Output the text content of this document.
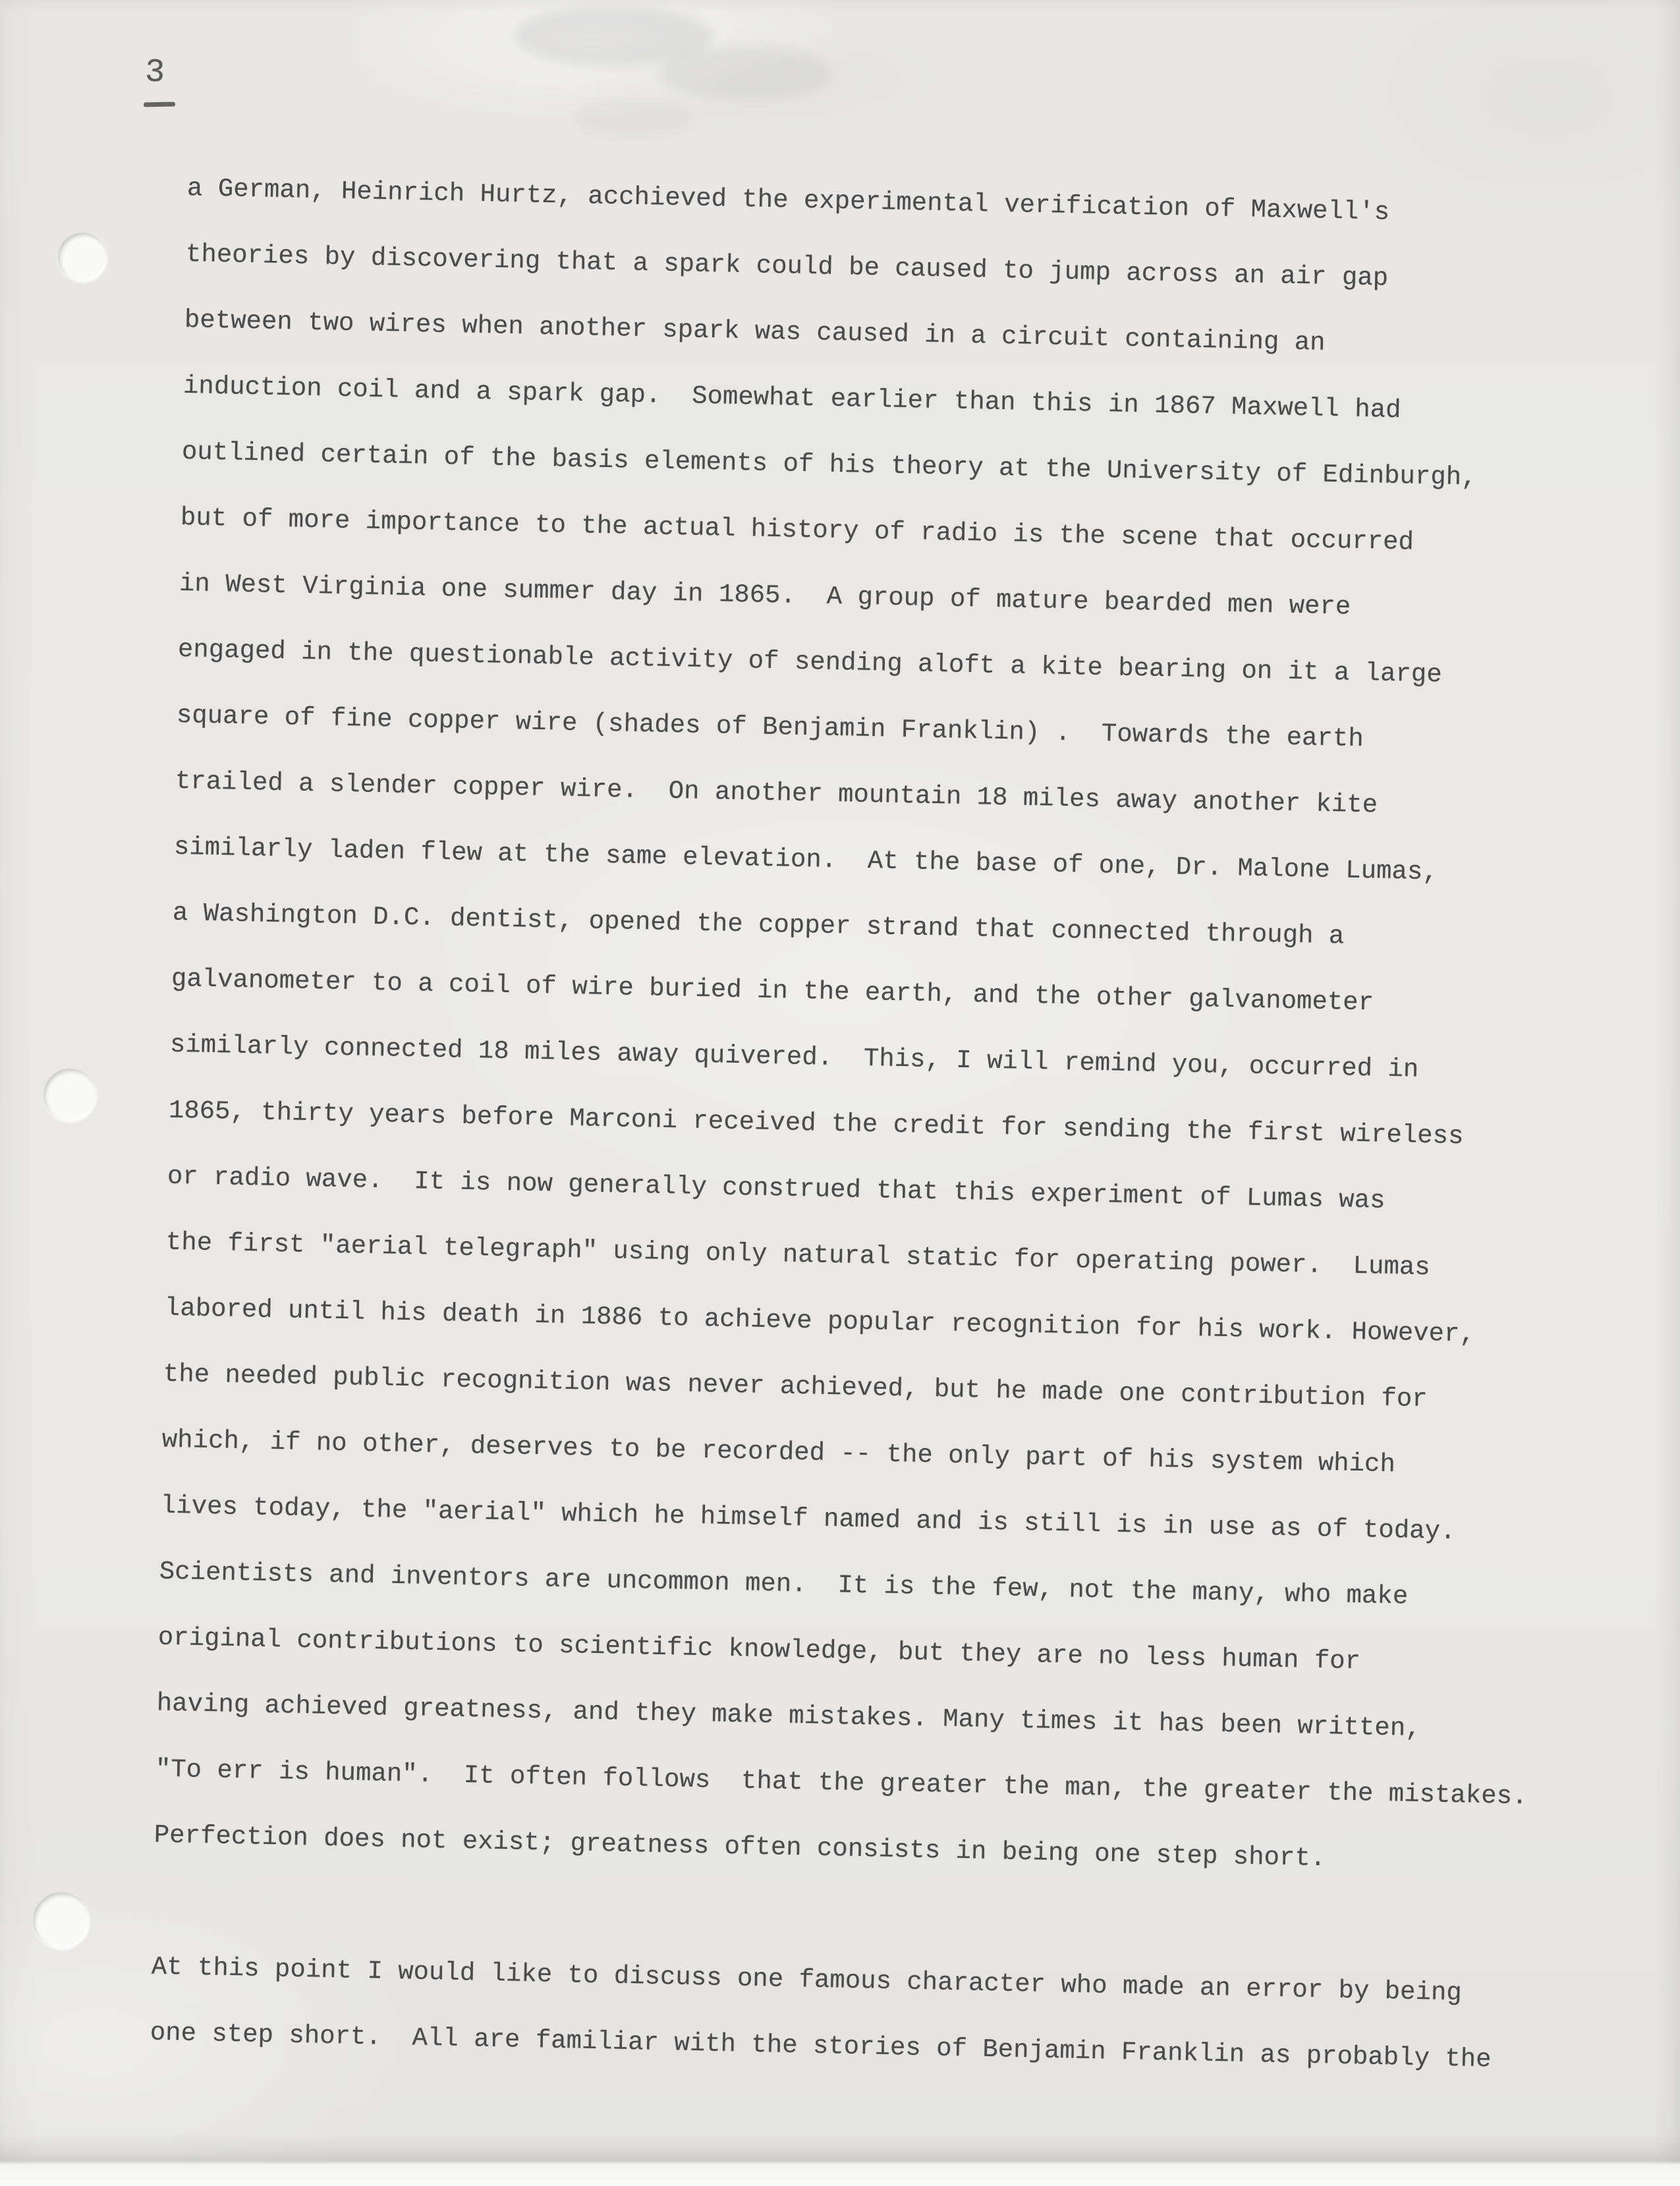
3
a German, Heinrich Hurtz, acchieved the experimental verification of Maxwell's
theories by discovering that a spark could be caused to jump across an air gap
between two wires when another spark was caused in a circuit containing an
induction coil and a spark gap.  Somewhat earlier than this in 1867 Maxwell had
outlined certain of the basis elements of his theory at the University of Edinburgh,
but of more importance to the actual history of radio is the scene that occurred
in West Virginia one summer day in 1865.  A group of mature bearded men were
engaged in the questionable activity of sending aloft a kite bearing on it a large
square of fine copper wire (shades of Benjamin Franklin) .  Towards the earth
trailed a slender copper wire.  On another mountain 18 miles away another kite
similarly laden flew at the same elevation.  At the base of one, Dr. Malone Lumas,
a Washington D.C. dentist, opened the copper strand that connected through a
galvanometer to a coil of wire buried in the earth, and the other galvanometer
similarly connected 18 miles away quivered.  This, I will remind you, occurred in
1865, thirty years before Marconi received the credit for sending the first wireless
or radio wave.  It is now generally construed that this experiment of Lumas was
the first "aerial telegraph" using only natural static for operating power.  Lumas
labored until his death in 1886 to achieve popular recognition for his work. However,
the needed public recognition was never achieved, but he made one contribution for
which, if no other, deserves to be recorded -- the only part of his system which
lives today, the "aerial" which he himself named and is still is in use as of today.
Scientists and inventors are uncommon men.  It is the few, not the many, who make
original contributions to scientific knowledge, but they are no less human for
having achieved greatness, and they make mistakes. Many times it has been written,
"To err is human".  It often follows  that the greater the man, the greater the mistakes.
Perfection does not exist; greatness often consists in being one step short.
At this point I would like to discuss one famous character who made an error by being
one step short.  All are familiar with the stories of Benjamin Franklin as probably the
